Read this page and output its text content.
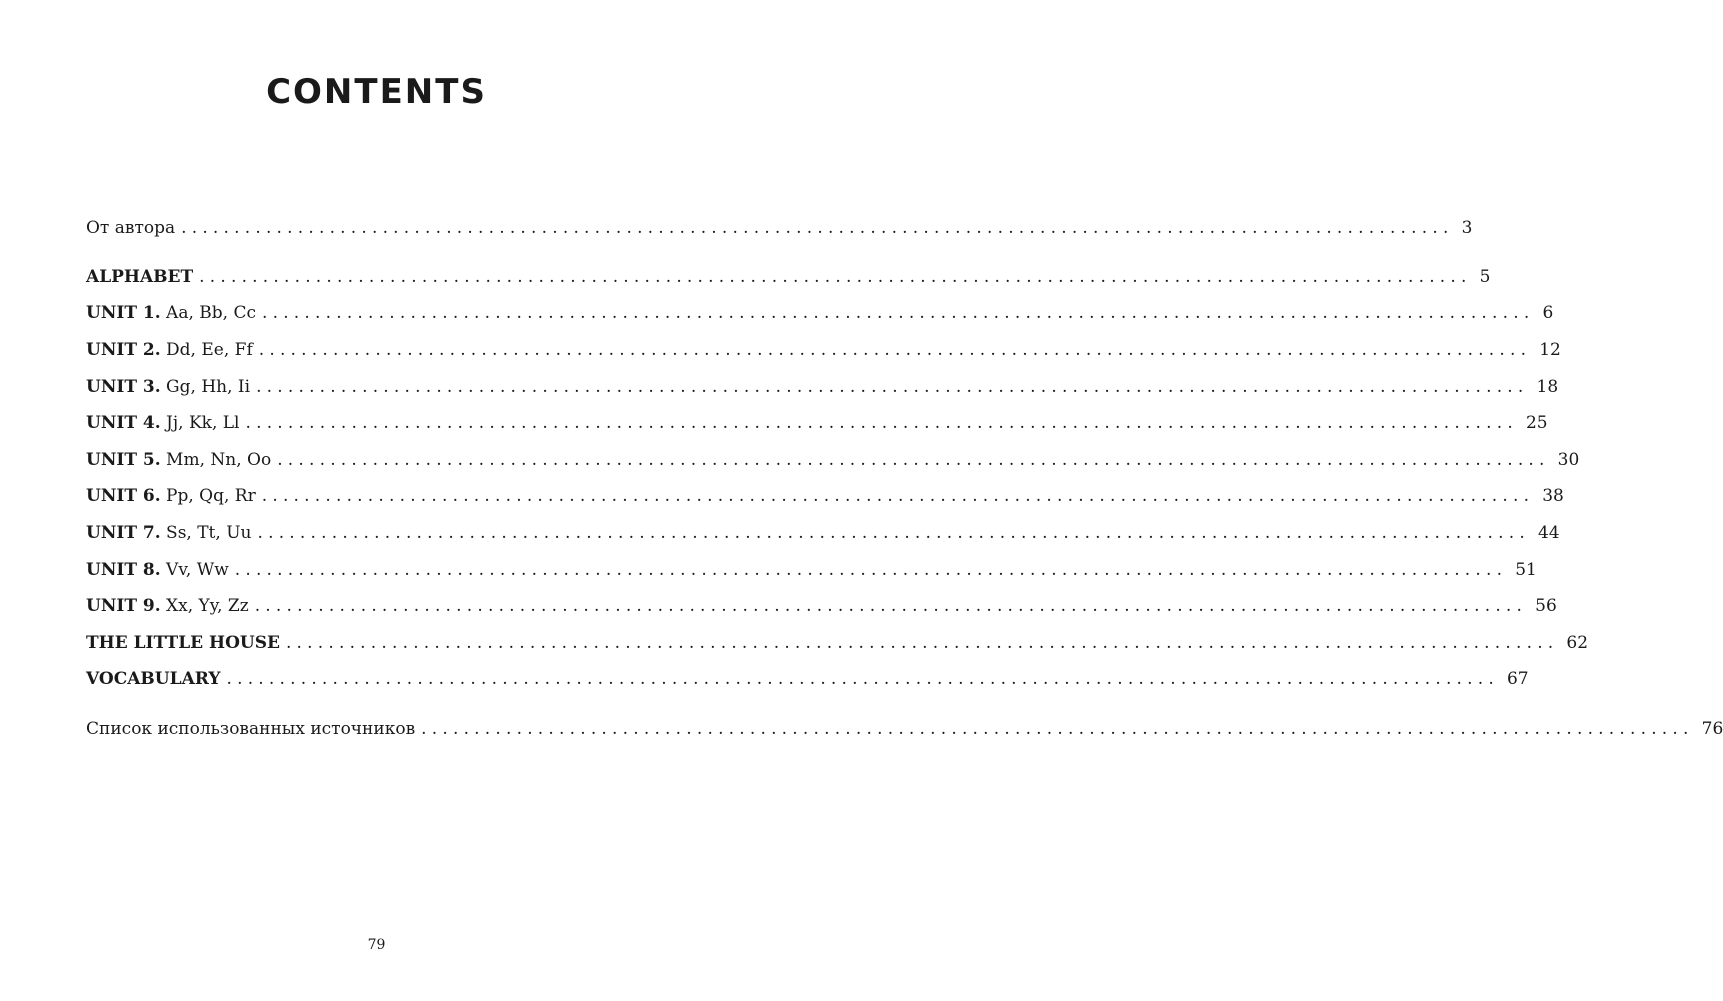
CONTENTS
От автора ........................................................................................................................ 3
ALPHABET ........................................................................................................................ 5
UNIT 1. Aa, Bb, Cc ........................................................................................................................ 6
UNIT 2. Dd, Ee, Ff ........................................................................................................................ 12
UNIT 3. Gg, Hh, Ii ........................................................................................................................ 18
UNIT 4. Jj, Kk, Ll ........................................................................................................................ 25
UNIT 5. Mm, Nn, Oo ........................................................................................................................ 30
UNIT 6. Pp, Qq, Rr ........................................................................................................................ 38
UNIT 7. Ss, Tt, Uu ........................................................................................................................ 44
UNIT 8. Vv, Ww ........................................................................................................................ 51
UNIT 9. Xx, Yy, Zz ........................................................................................................................ 56
THE LITTLE HOUSE ........................................................................................................................ 62
VOCABULARY ........................................................................................................................ 67
Список использованных источников ........................................................................................................................ 76
79
